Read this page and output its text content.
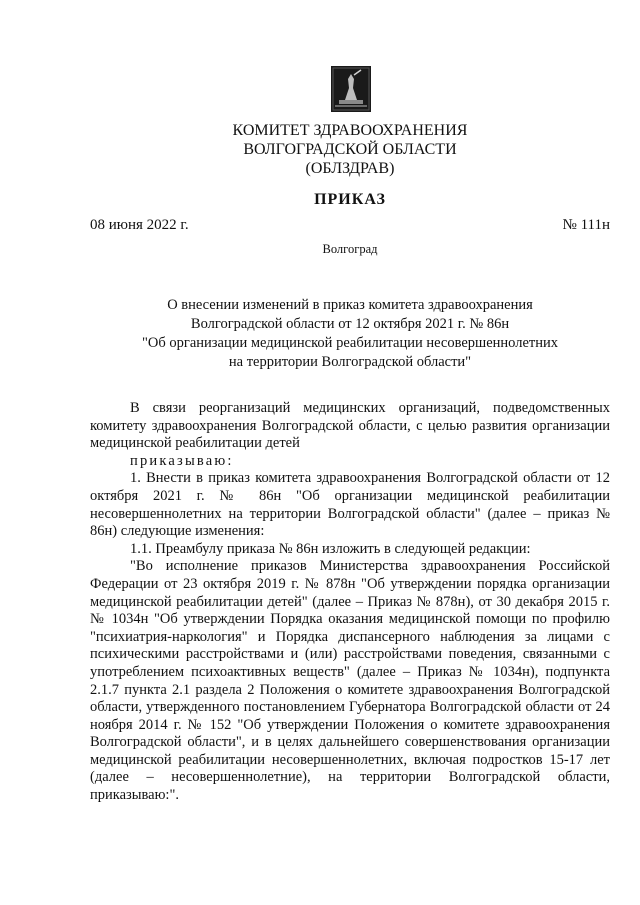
КОМИТЕТ ЗДРАВООХРАНЕНИЯ
ВОЛГОГРАДСКОЙ ОБЛАСТИ
(ОБЛЗДРАВ)
ПРИКАЗ
08 июня 2022 г.	№ 111н
Волгоград
О внесении изменений в приказ комитета здравоохранения
Волгоградской области от 12 октября 2021 г. № 86н
"Об организации медицинской реабилитации несовершеннолетних
на территории Волгоградской области"

В связи реорганизаций медицинских организаций, подведомственных комитету здравоохранения Волгоградской области, с целью развития организации медицинской реабилитации детей

приказываю:

1. Внести в приказ комитета здравоохранения Волгоградской области от 12 октября 2021 г. № 86н "Об организации медицинской реабилитации несовершеннолетних на территории Волгоградской области" (далее – приказ № 86н) следующие изменения:

1.1. Преамбулу приказа № 86н изложить в следующей редакции:

"Во исполнение приказов Министерства здравоохранения Российской Федерации от 23 октября 2019 г. № 878н "Об утверждении порядка организации медицинской реабилитации детей" (далее – Приказ № 878н), от 30 декабря 2015 г. № 1034н "Об утверждении Порядка оказания медицинской помощи по профилю "психиатрия-наркология" и Порядка диспансерного наблюдения за лицами с психическими расстройствами и (или) расстройствами поведения, связанными с употреблением психоактивных веществ" (далее – Приказ № 1034н), подпункта 2.1.7 пункта 2.1 раздела 2 Положения о комитете здравоохранения Волгоградской области, утвержденного постановлением Губернатора Волгоградской области от 24 ноября 2014 г. № 152 "Об утверждении Положения о комитете здравоохранения Волгоградской области", и в целях дальнейшего совершенствования организации медицинской реабилитации несовершеннолетних, включая подростков 15-17 лет (далее – несовершеннолетние), на территории Волгоградской области, приказываю:".
